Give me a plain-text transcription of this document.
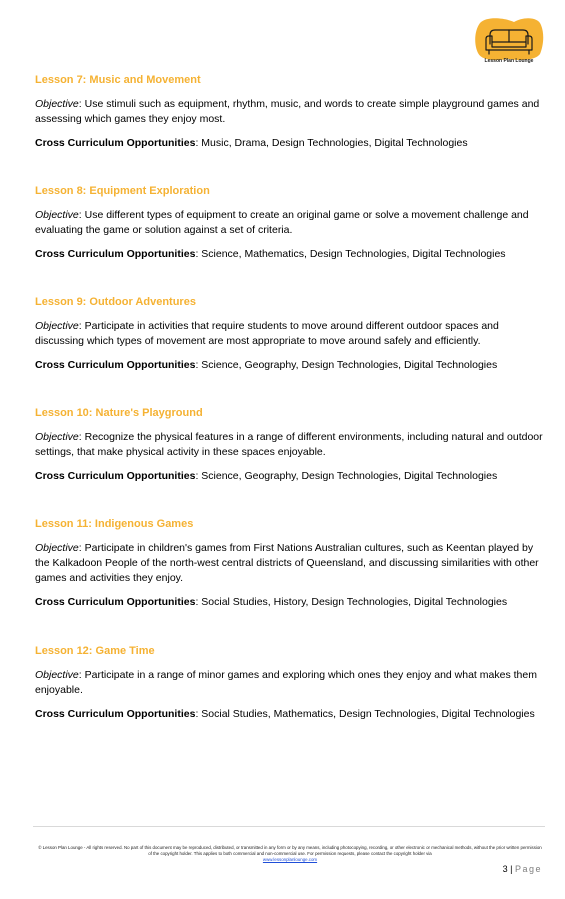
Lesson Plan Lounge

Lesson 7: Music and Movement

Objective: Use stimuli such as equipment, rhythm, music, and words to create simple playground games and assessing which games they enjoy most.

Cross Curriculum Opportunities: Music, Drama, Design Technologies, Digital Technologies

Lesson 8: Equipment Exploration

Objective: Use different types of equipment to create an original game or solve a movement challenge and evaluating the game or solution against a set of criteria.

Cross Curriculum Opportunities: Science, Mathematics, Design Technologies, Digital Technologies

Lesson 9: Outdoor Adventures

Objective: Participate in activities that require students to move around different outdoor spaces and discussing which types of movement are most appropriate to move around safely and efficiently.

Cross Curriculum Opportunities: Science, Geography, Design Technologies, Digital Technologies

Lesson 10: Nature's Playground

Objective: Recognize the physical features in a range of different environments, including natural and outdoor settings, that make physical activity in these spaces enjoyable.

Cross Curriculum Opportunities: Science, Geography, Design Technologies, Digital Technologies

Lesson 11: Indigenous Games

Objective: Participate in children's games from First Nations Australian cultures, such as Keentan played by the Kalkadoon People of the north-west central districts of Queensland, and discussing similarities with other games and activities they enjoy.

Cross Curriculum Opportunities: Social Studies, History, Design Technologies, Digital Technologies

Lesson 12: Game Time

Objective: Participate in a range of minor games and exploring which ones they enjoy and what makes them enjoyable.

Cross Curriculum Opportunities: Social Studies, Mathematics, Design Technologies, Digital Technologies

© Lesson Plan Lounge - All rights reserved. No part of this document may be reproduced, distributed, or transmitted in any form or by any means, including photocopying, recording, or other electronic or mechanical methods, without the prior written permission of the copyright holder. This applies to both commercial and non-commercial use. For permission requests, please contact the copyright holder via
www.lessonplanlounge.com
3 | Page
